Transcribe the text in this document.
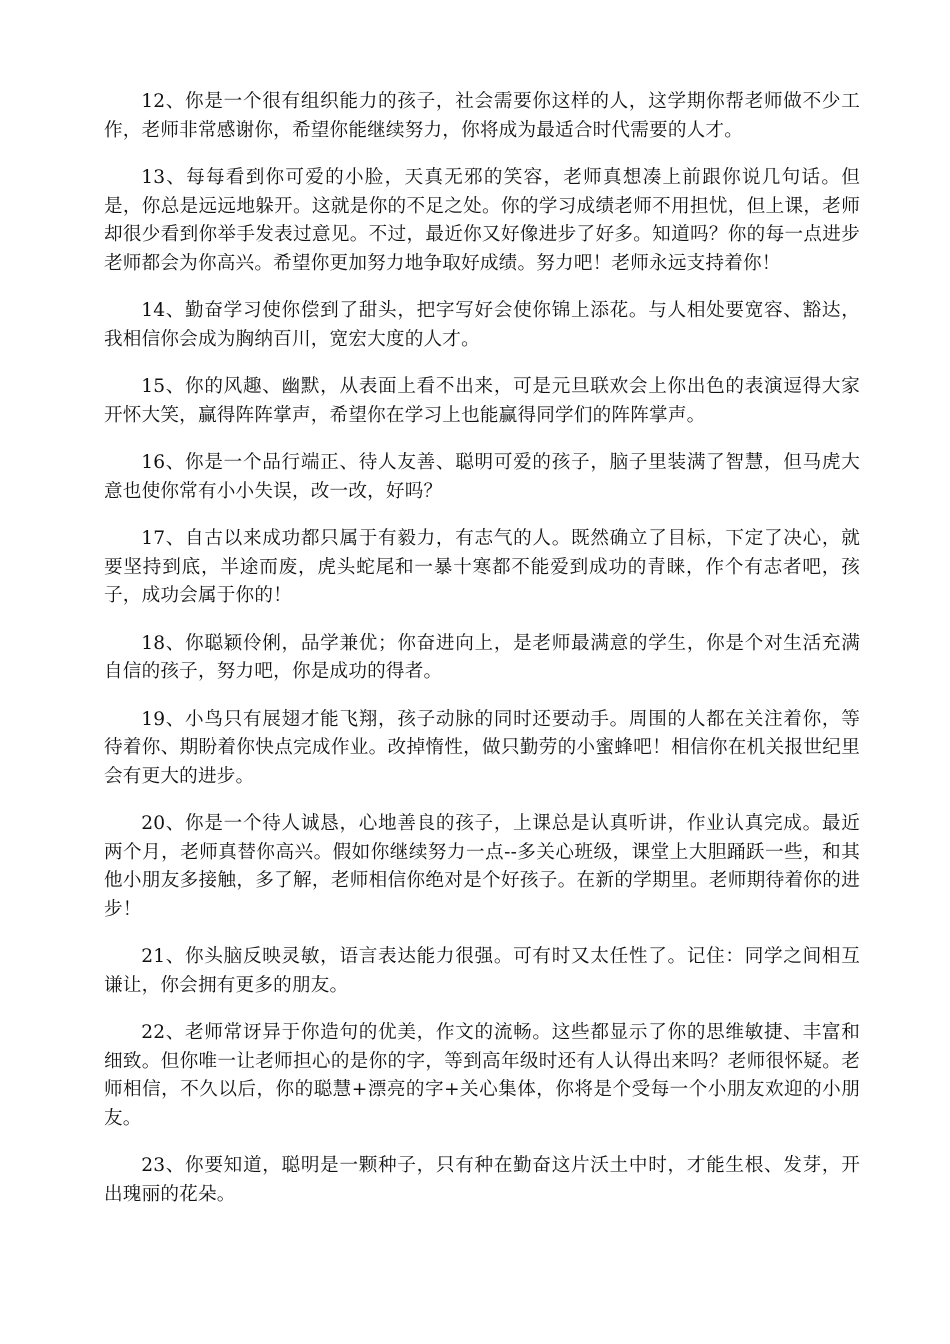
12、你是一个很有组织能力的孩子，社会需要你这样的人，这学期你帮老师做不少工作，老师非常感谢你，希望你能继续努力，你将成为最适合时代需要的人才。

13、每每看到你可爱的小脸，天真无邪的笑容，老师真想凑上前跟你说几句话。但是，你总是远远地躲开。这就是你的不足之处。你的学习成绩老师不用担忧，但上课，老师却很少看到你举手发表过意见。不过，最近你又好像进步了好多。知道吗？你的每一点进步老师都会为你高兴。希望你更加努力地争取好成绩。努力吧！老师永远支持着你！

14、勤奋学习使你偿到了甜头，把字写好会使你锦上添花。与人相处要宽容、豁达，我相信你会成为胸纳百川，宽宏大度的人才。

15、你的风趣、幽默，从表面上看不出来，可是元旦联欢会上你出色的表演逗得大家开怀大笑，赢得阵阵掌声，希望你在学习上也能赢得同学们的阵阵掌声。

16、你是一个品行端正、待人友善、聪明可爱的孩子，脑子里装满了智慧，但马虎大意也使你常有小小失误，改一改，好吗？

17、自古以来成功都只属于有毅力，有志气的人。既然确立了目标，下定了决心，就要坚持到底，半途而废，虎头蛇尾和一暴十寒都不能爱到成功的青睐，作个有志者吧，孩子，成功会属于你的！

18、你聪颖伶俐，品学兼优；你奋进向上，是老师最满意的学生，你是个对生活充满自信的孩子，努力吧，你是成功的得者。

19、小鸟只有展翅才能飞翔，孩子动脉的同时还要动手。周围的人都在关注着你，等待着你、期盼着你快点完成作业。改掉惰性，做只勤劳的小蜜蜂吧！相信你在机关报世纪里会有更大的进步。

20、你是一个待人诚恳，心地善良的孩子，上课总是认真听讲，作业认真完成。最近两个月，老师真替你高兴。假如你继续努力一点--多关心班级，课堂上大胆踊跃一些，和其他小朋友多接触，多了解，老师相信你绝对是个好孩子。在新的学期里。老师期待着你的进步！

21、你头脑反映灵敏，语言表达能力很强。可有时又太任性了。记住：同学之间相互谦让，你会拥有更多的朋友。

22、老师常讶异于你造句的优美，作文的流畅。这些都显示了你的思维敏捷、丰富和细致。但你唯一让老师担心的是你的字，等到高年级时还有人认得出来吗？老师很怀疑。老师相信，不久以后，你的聪慧+漂亮的字+关心集体，你将是个受每一个小朋友欢迎的小朋友。

23、你要知道，聪明是一颗种子，只有种在勤奋这片沃土中时，才能生根、发芽，开出瑰丽的花朵。
